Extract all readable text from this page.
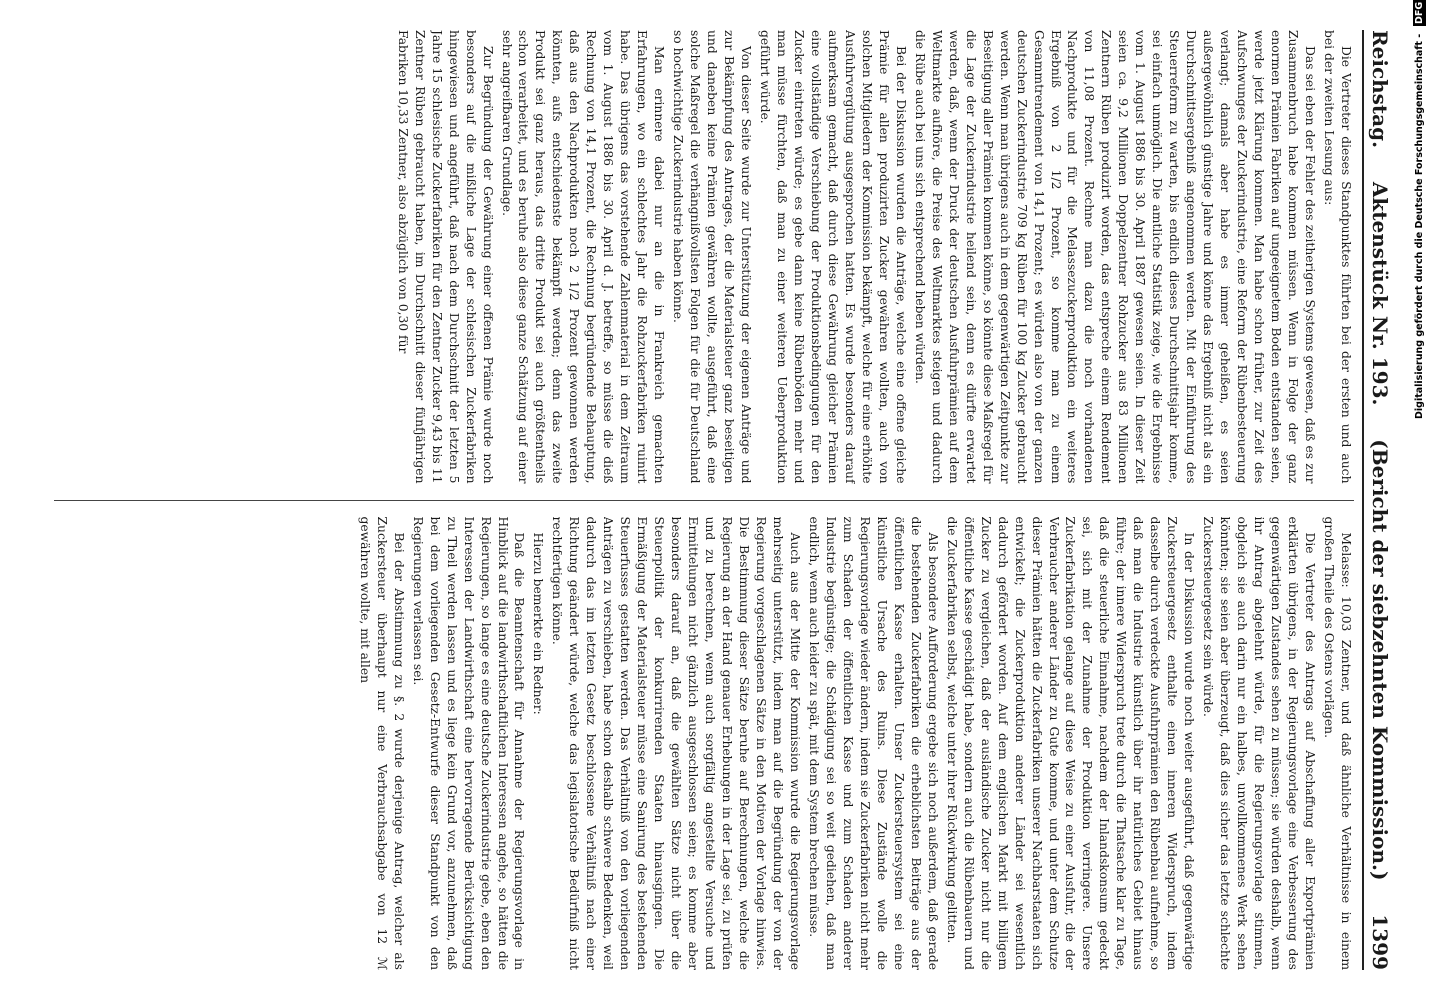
Reichstag.
Aktenstück Nr. 193.
(Bericht der siebzehnten Kommission.)
1399

Die Vertreter dieses Standpunktes führten bei der ersten und auch bei der zweiten Lesung aus:

Das sei eben der Fehler des zeitherigen Systems gewesen, daß es zur Zusammenbruch habe kommen müssen. Wenn in Folge der ganz enormen Prämien Fabriken auf ungeeignetem Boden entstanden seien, werde jetzt Klärung kommen. Man habe schon früher, zur Zeit des Aufschwunges der Zuckerindustrie, eine Reform der Rübenbesteuerung verlangt; damals aber habe es immer geheißen, es seien außergewöhnlich günstige Jahre und könne das Ergebniß nicht als ein Durchschnittsergebniß angenommen werden. Mit der Einführung des Steuerreform zu warten, bis endlich dieses Durchschnittsjahr komme, sei einfach unmöglich. Die amtliche Statistik zeige, wie die Ergebnisse vom 1. August 1886 bis 30. April 1887 gewesen seien. In dieser Zeit seien ca. 9,2 Millionen Doppelzentner Rohzucker aus 83 Millionen Zentnern Rüben produzirt worden, das entspreche einem Rendement von 11,08 Prozent. Rechne man dazu die noch vorhandenen Nachprodukte und für die Melassezuckerproduktion ein weiteres Ergebniß von 2 1/2 Prozent, so komme man zu einem Gesammtrendement von 14,1 Prozent; es würden also von der ganzen deutschen Zuckerindustrie 709 kg Rüben für 100 kg Zucker gebraucht werden. Wenn man übrigens auch in dem gegenwärtigen Zeitpunkte zur Beseitigung aller Prämien kommen könne, so könnte diese Maßregel für die Lage der Zuckerindustrie heilend sein, denn es dürfte erwartet werden, daß, wenn der Druck der deutschen Ausfuhrprämien auf dem Weltmarkte aufhöre, die Preise des Weltmarktes steigen und dadurch die Rübe auch bei uns sich entsprechend heben würden.

Bei der Diskussion wurden die Anträge, welche eine offene gleiche Prämie für allen produzirten Zucker gewähren wollten, auch von solchen Mitgliedern der Kommission bekämpft, welche für eine erhöhte Ausfuhrvergütung ausgesprochen hatten. Es wurde besonders darauf aufmerksam gemacht, daß durch diese Gewährung gleicher Prämien eine vollständige Verschiebung der Produktionsbedingungen für den Zucker eintreten würde; es gebe dann keine Rübenböden mehr und man müsse fürchten, daß man zu einer weiteren Ueberproduktion geführt würde.

Von dieser Seite wurde zur Unterstützung der eigenen Anträge und zur Bekämpfung des Antrages, der die Materialsteuer ganz beseitigen und daneben keine Prämien gewähren wollte, ausgeführt, daß eine solche Maßregel die verhängnißvollsten Folgen für die für Deutschland so hochwichtige Zuckerindustrie haben könne.

Man erinnere dabei nur an die in Frankreich gemachten Erfahrungen, wo ein schlechtes Jahr die Rohzuckerfabriken ruinirt habe. Das übrigens das vorstehende Zahlenmaterial in dem Zeitraum vom 1. August 1886 bis 30. April d. J. betreffe, so müsse die dieß Rechnung von 14,1 Prozent, die Rechnung begründende Behauptung, daß aus den Nachprodukten noch 2 1/2 Prozent gewonnen werden könnten, aufs entschiedenste bekämpft werden; denn das zweite Produkt sei ganz heraus, das dritte Produkt sei auch größtentheils schon verarbeitet, und es beruhe also diese ganze Schätzung auf einer sehr angreifbaren Grundlage.

Zur Begründung der Gewährung einer offenen Prämie wurde noch besonders auf die mißliche Lage der schlesischen Zuckerfabriken hingewiesen und angeführt, daß nach dem Durchschnitt der letzten 5 Jahre 15 schlesische Zuckerfabriken für den Zentner Zucker 9,43 bis 11 Zentner Rüben gebraucht haben, im Durchschnitt dieser fünfjährigen Fabriken 10,33 Zentner, also abzüglich von 0,30 für

Melasse: 10,03 Zentner, und daß ähnliche Verhältnisse in einem großen Theile des Ostens vorlägen.

Die Vertreter des Antrags auf Abschaffung aller Exportprämien erklärten übrigens, in der Regierungsvorlage eine Verbesserung des gegenwärtigen Zustandes sehen zu müssen; sie würden deshalb, wenn ihr Antrag abgelehnt würde, für die Regierungsvorlage stimmen, obgleich sie auch darin nur ein halbes, unvollkommenes Werk sehen könnten; sie seien aber überzeugt, daß dies sicher das letzte schlechte Zuckersteuergesetz sein würde.

In der Diskussion wurde noch weiter ausgeführt, daß gegenwärtige Zuckersteuergesetz enthalte einen inneren Widerspruch, indem dasselbe durch verdeckte Ausfuhrprämien den Rübenbau aufnehme, so daß man die Industrie künstlich über ihr natürliches Gebiet hinaus führe; der innere Widerspruch trete durch die Thatsache klar zu Tage, daß die steuerliche Einnahme, nachdem der Inlandskonsum gedeckt sei, sich mit der Zunahme der Produktion verringere. Unsere Zuckerfabrikation gelange auf diese Weise zu einer Ausfuhr, die der Verbraucher anderer Länder zu Gute komme, und unter dem Schutze dieser Prämien hätten die Zuckerfabriken unserer Nachbarstaaten sich entwickelt; die Zuckerproduktion anderer Länder sei wesentlich dadurch gefördert worden. Auf dem englischen Markt mit billigem Zucker zu vergleichen, daß der ausländische Zucker nicht nur die öffentliche Kasse geschädigt habe, sondern auch die Rübenbauern und die Zuckerfabriken selbst, welche unter ihrer Rückwirkung gelitten.

Als besondere Aufforderung ergebe sich noch außerdem, daß gerade die bestehenden Zuckerfabriken die erheblichsten Beiträge aus der öffentlichen Kasse erhalten. Unser Zuckersteuersystem sei eine künstliche Ursache des Ruins. Diese Zustände wolle die Regierungsvorlage wieder ändern, indem sie Zuckerfabriken nicht mehr zum Schaden der öffentlichen Kasse und zum Schaden anderer Industrie begünstige; die Schädigung sei so weit gediehen, daß man endlich, wenn auch leider zu spät, mit dem System brechen müsse.

Auch aus der Mitte der Kommission wurde die Regierungsvorlage mehrseitig unterstützt, indem man auf die Begründung der von der Regierung vorgeschlagenen Sätze in den Motiven der Vorlage hinwies. Die Bestimmung dieser Sätze beruhe auf Berechnungen, welche die Regierung an der Hand genauer Erhebungen in der Lage sei, zu prüfen und zu berechnen, wenn auch sorgfältig angestellte Versuche und Ermittelungen nicht gänzlich ausgeschlossen seien; es komme aber besonders darauf an, daß die gewählten Sätze nicht über die Steuerpolitik der konkurrirenden Staaten hinausgingen. Die Ermäßigung der Materialsteuer müsse eine Sanirung des bestehenden Steuerfusses gestatten werden. Das Verhältniß von den vorliegenden Anträgen zu verschieben, habe schon deshalb schwere Bedenken, weil dadurch das im letzten Gesetz beschlossene Verhältniß nach einer Richtung geändert würde, welche das legislatorische Bedürfniß nicht rechtfertigen könne.

Hierzu bemerkte ein Redner:

Daß die Beamtenschaft für Annahme der Regierungsvorlage in Hinblick auf die landwirthschaftlichen Interessen angehe, so hätten die Regierungen, so lange es eine deutsche Zuckerindustrie gebe, eben den Interessen der Landwirthschaft eine hervorragende Berücksichtigung zu Theil werden lassen und es liege kein Grund vor, anzunehmen, daß bei dem vorliegenden Gesetz-Entwurfe dieser Standpunkt von den Regierungen verlassen sei.

Bei der Abstimmung zu §. 2 wurde derjenige Antrag, welcher als Zuckersteuer überhaupt nur eine Verbrauchsabgabe von 12 ℳ gewähren wollte, mit allen

Digitalisierung gefördert durch die Deutsche Forschungsgemeinschaft - DFG
